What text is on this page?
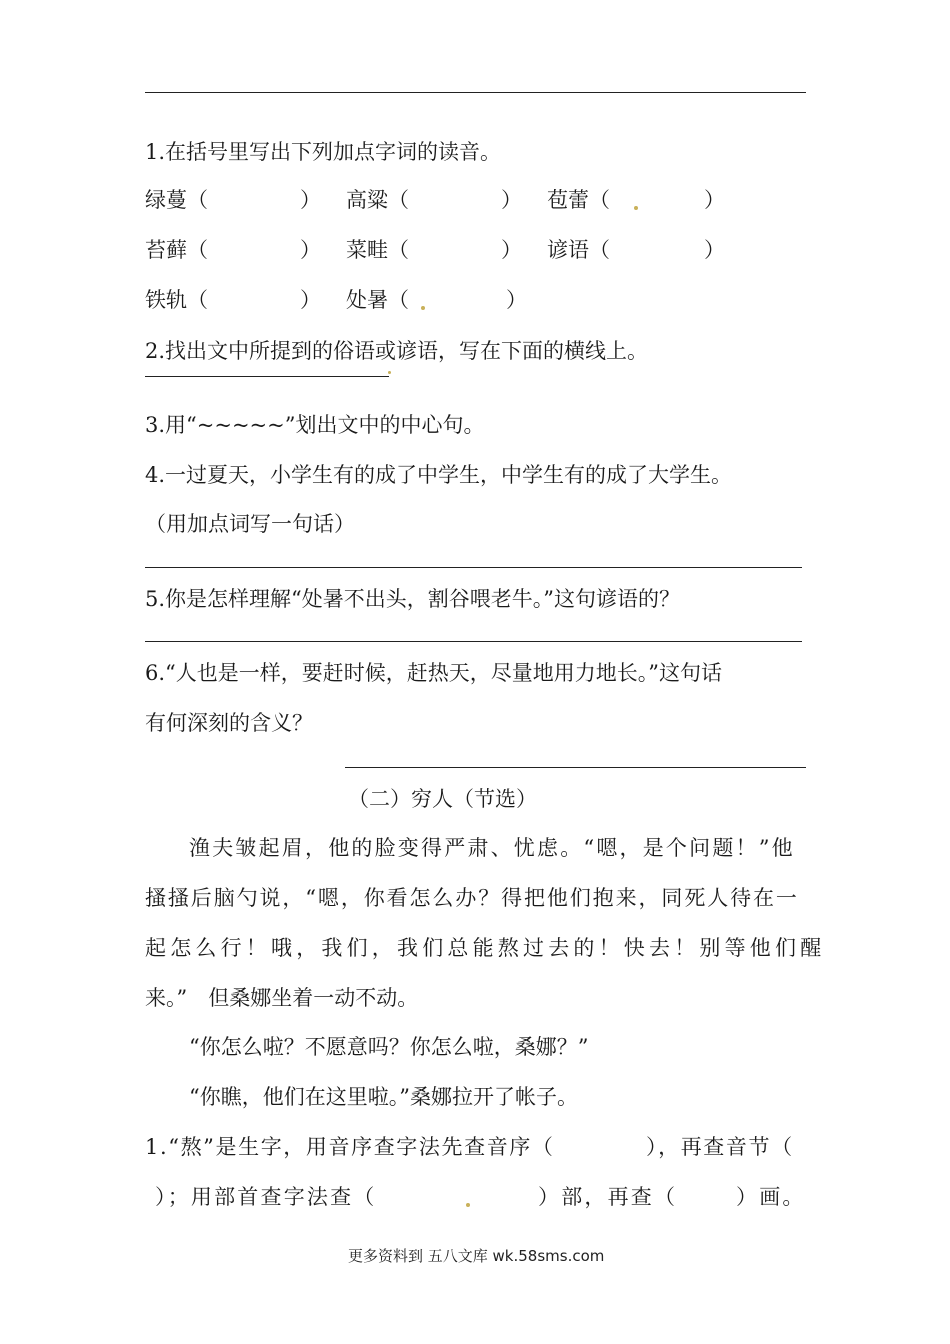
1.在括号里写出下列加点字词的读音。
绿蔓（	） 高粱（	） 苞蕾（	）
苔藓（	） 菜畦（	） 谚语（	）
铁轨（	） 处暑（	）
2.找出文中所提到的俗语或谚语，写在下面的横线上。
3.用“~~~~~”划出文中的中心句。
4.一过夏天，小学生有的成了中学生，中学生有的成了大学生。
（用加点词写一句话）
5.你是怎样理解“处暑不出头，割谷喂老牛。”这句谚语的？
6.“人也是一样，要赶时候，赶热天，尽量地用力地长。”这句话
有何深刻的含义？
（二）穷人（节选）
渔夫皱起眉，他的脸变得严肃、忧虑。“嗯，是个问题！”他
搔搔后脑勺说，“嗯，你看怎么办？得把他们抱来，同死人待在一
起怎么行！哦，我们，我们总能熬过去的！快去！别等他们醒
来。”　但桑娜坐着一动不动。
“你怎么啦？不愿意吗？你怎么啦，桑娜？”
“你瞧，他们在这里啦。”桑娜拉开了帐子。
1.“熬”是生字，用音序查字法先查音序（	），再查音节（
）；用部首查字法查（	）部，再查（	）画。
更多资料到 五八文库 wk.58sms.com
